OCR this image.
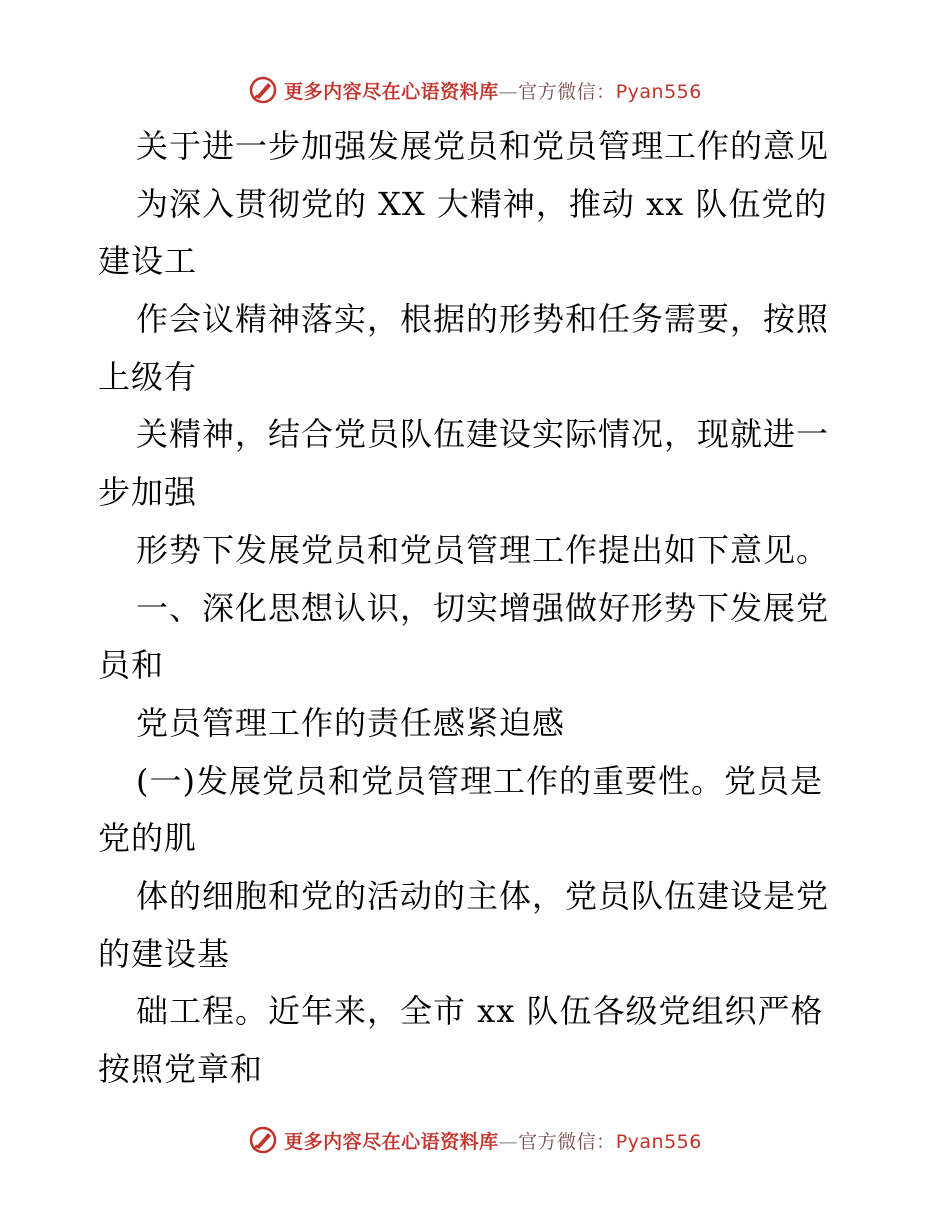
更多内容尽在心语资料库—官方微信：Pyan556
关于进一步加强发展党员和党员管理工作的意见
为深入贯彻党的 XX 大精神，推动 xx 队伍党的
建设工
作会议精神落实，根据的形势和任务需要，按照
上级有
关精神，结合党员队伍建设实际情况，现就进一
步加强
形势下发展党员和党员管理工作提出如下意见。
一、深化思想认识，切实增强做好形势下发展党
员和
党员管理工作的责任感紧迫感
(一)发展党员和党员管理工作的重要性。党员是
党的肌
体的细胞和党的活动的主体，党员队伍建设是党
的建设基
础工程。近年来，全市 xx 队伍各级党组织严格
按照党章和
更多内容尽在心语资料库—官方微信：Pyan556
